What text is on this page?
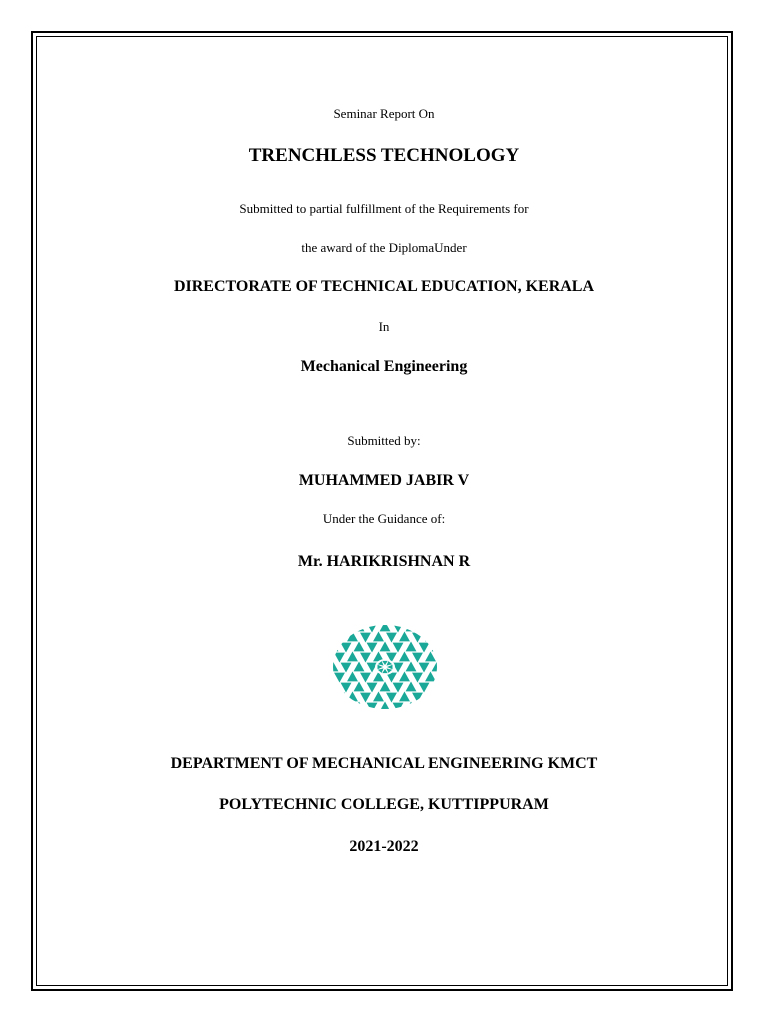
Seminar Report On
TRENCHLESS TECHNOLOGY
Submitted to partial fulfillment of the Requirements for
the award of the DiplomaUnder
DIRECTORATE OF TECHNICAL EDUCATION, KERALA
In
Mechanical Engineering
Submitted by:
MUHAMMED JABIR V
Under the Guidance of:
Mr. HARIKRISHNAN R
DEPARTMENT OF MECHANICAL ENGINEERING KMCT
POLYTECHNIC COLLEGE, KUTTIPPURAM
2021-2022
